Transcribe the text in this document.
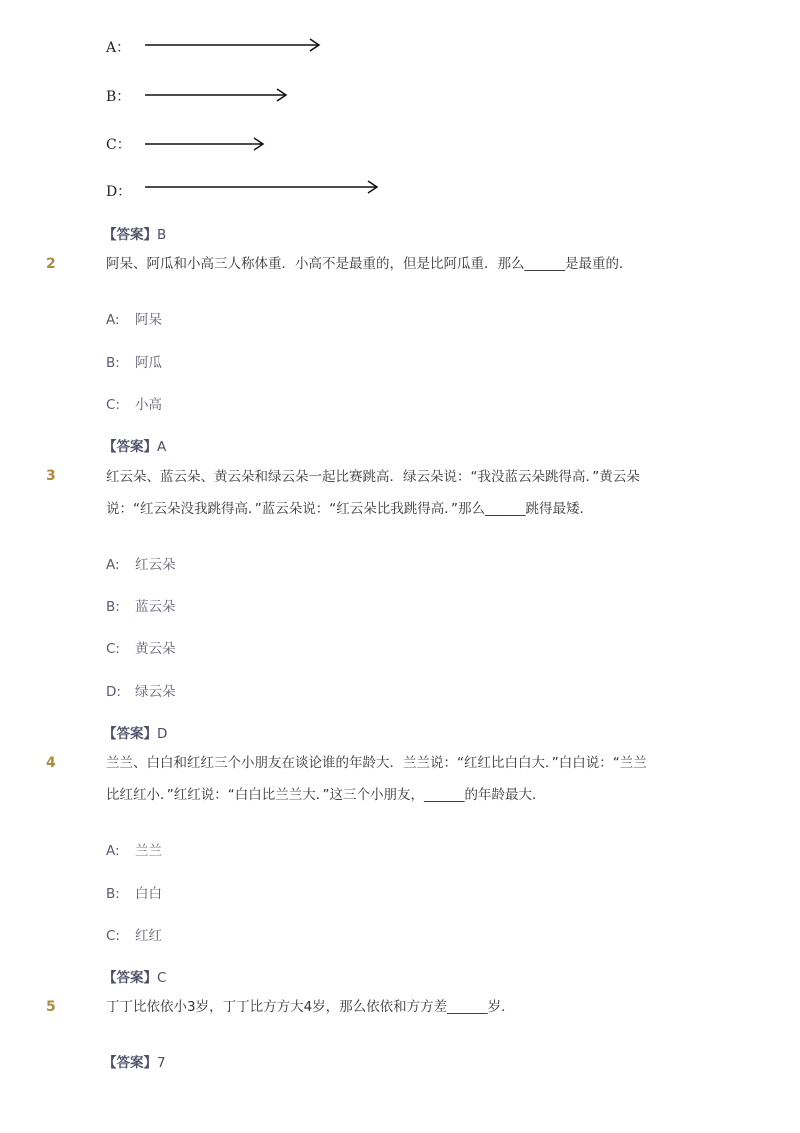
A：
B：
C：
D：
【答案】B
2	阿呆、阿瓜和小高三人称体重．小高不是最重的，但是比阿瓜重．那么______是最重的．
A: 阿呆
B: 阿瓜
C: 小高
【答案】A
3	红云朵、蓝云朵、黄云朵和绿云朵一起比赛跳高．绿云朵说：“我没蓝云朵跳得高．”黄云朵
说：“红云朵没我跳得高．”蓝云朵说：“红云朵比我跳得高．”那么______跳得最矮．
A: 红云朵
B: 蓝云朵
C: 黄云朵
D: 绿云朵
【答案】D
4	兰兰、白白和红红三个小朋友在谈论谁的年龄大．兰兰说：“红红比白白大．”白白说：“兰兰
比红红小．”红红说：“白白比兰兰大．”这三个小朋友，______的年龄最大．
A: 兰兰
B: 白白
C: 红红
【答案】C
5	丁丁比依依小3岁，丁丁比方方大4岁，那么依依和方方差______岁．
【答案】7
